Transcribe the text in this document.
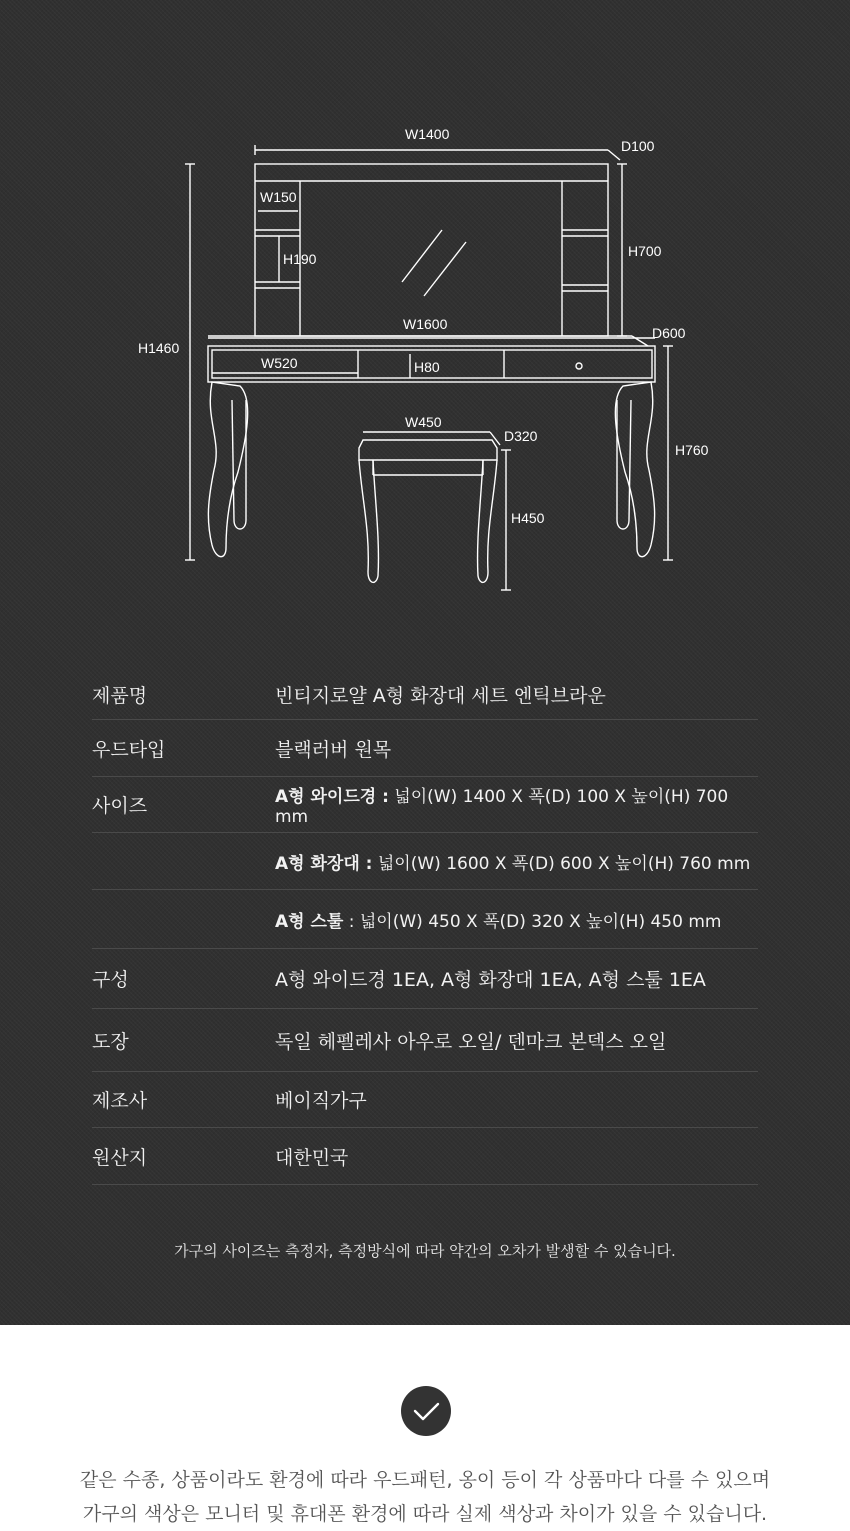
W1400
D100
H700
W150
H190
H1460
W1600
D600
W520	H80
H760
W450
D320
H450
제품명	빈티지로얄 A형 화장대 세트 엔틱브라운
우드타입	블랙러버 원목
사이즈	A형 와이드경 : 넓이(W) 1400 X 폭(D) 100 X 높이(H) 700 mm
A형 화장대 : 넓이(W) 1600 X 폭(D) 600 X 높이(H) 760 mm
A형 스툴 : 넓이(W) 450 X 폭(D) 320 X 높이(H) 450 mm
구성	A형 와이드경 1EA, A형 화장대 1EA, A형 스툴 1EA
도장	독일 헤펠레사 아우로 오일/ 덴마크 본덱스 오일
제조사	베이직가구
원산지	대한민국
가구의 사이즈는 측정자, 측정방식에 따라 약간의 오차가 발생할 수 있습니다.
같은 수종, 상품이라도 환경에 따라 우드패턴, 옹이 등이 각 상품마다 다를 수 있으며
가구의 색상은 모니터 및 휴대폰 환경에 따라 실제 색상과 차이가 있을 수 있습니다.
